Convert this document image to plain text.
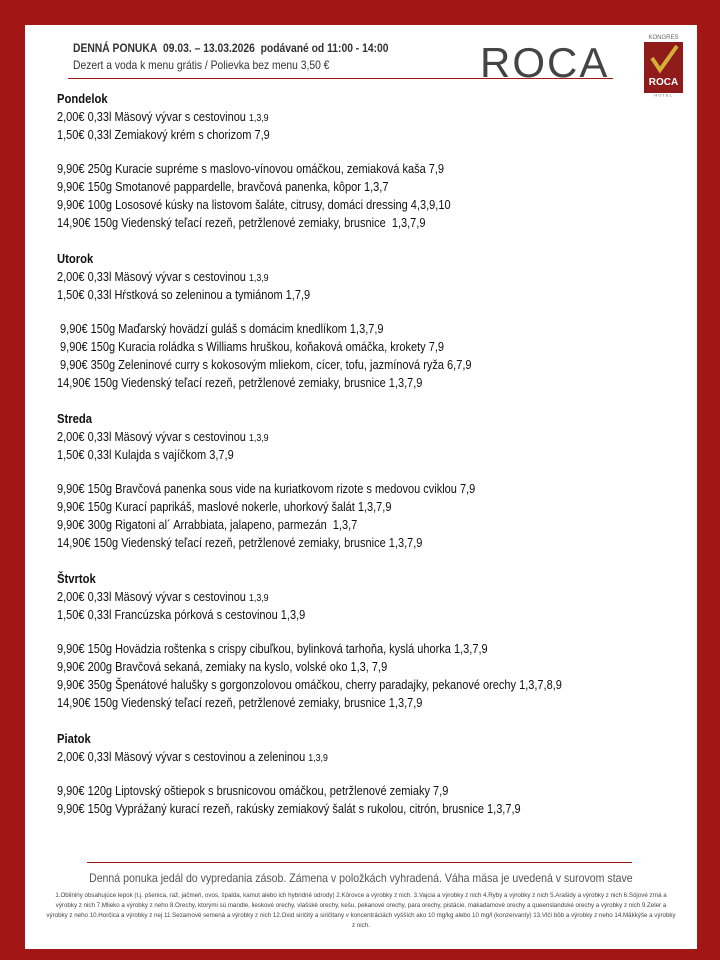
DENNÁ PONUKA 09.03. – 13.03.2026 podávané od 11:00 - 14:00
Dezert a voda k menu grátis / Polievka bez menu 3,50 €	ROCA
KONGRES
ROCA
HOTEL
Pondelok
2,00€ 0,33l Mäsový vývar s cestovinou 1,3,9
1,50€ 0,33l Zemiakový krém s chorizom 7,9
9,90€ 250g Kuracie supréme s maslovo-vínovou omáčkou, zemiaková kaša 7,9
9,90€ 150g Smotanové pappardelle, bravčová panenka, kôpor 1,3,7
9,90€ 100g Lososové kúsky na listovom šaláte, citrusy, domáci dressing 4,3,9,10
14,90€ 150g Viedenský teľací rezeň, petržlenové zemiaky, brusnice  1,3,7,9
Utorok
2,00€ 0,33l Mäsový vývar s cestovinou 1,3,9
1,50€ 0,33l Hŕstková so zeleninou a tymiánom 1,7,9
9,90€ 150g Maďarský hovädzí guláš s domácim knedlíkom 1,3,7,9
9,90€ 150g Kuracia roládka s Williams hruškou, koňaková omáčka, krokety 7,9
9,90€ 350g Zeleninové curry s kokosovým mliekom, cícer, tofu, jazmínová ryža 6,7,9
14,90€ 150g Viedenský teľací rezeň, petržlenové zemiaky, brusnice 1,3,7,9
Streda
2,00€ 0,33l Mäsový vývar s cestovinou 1,3,9
1,50€ 0,33l Kulajda s vajíčkom 3,7,9
9,90€ 150g Bravčová panenka sous vide na kuriatkovom rizote s medovou cviklou 7,9
9,90€ 150g Kurací paprikáš, maslové nokerle, uhorkový šalát 1,3,7,9
9,90€ 300g Rigatoni al´ Arrabbiata, jalapeno, parmezán  1,3,7
14,90€ 150g Viedenský teľací rezeň, petržlenové zemiaky, brusnice 1,3,7,9
Štvrtok
2,00€ 0,33l Mäsový vývar s cestovinou 1,3,9
1,50€ 0,33l Francúzska pórková s cestovinou 1,3,9
9,90€ 150g Hovädzia roštenka s crispy cibuľkou, bylinková tarhoňa, kyslá uhorka 1,3,7,9
9,90€ 200g Bravčová sekaná, zemiaky na kyslo, volské oko 1,3, 7,9
9,90€ 350g Špenátové halušky s gorgonzolovou omáčkou, cherry paradajky, pekanové orechy 1,3,7,8,9
14,90€ 150g Viedenský teľací rezeň, petržlenové zemiaky, brusnice 1,3,7,9
Piatok
2,00€ 0,33l Mäsový vývar s cestovinou a zeleninou 1,3,9
9,90€ 120g Liptovský oštiepok s brusnicovou omáčkou, petržlenové zemiaky 7,9
9,90€ 150g Vyprážaný kurací rezeň, rakúsky zemiakový šalát s rukolou, citrón, brusnice 1,3,7,9
Denná ponuka jedál do vypredania zásob. Zámena v položkách vyhradená. Váha mäsa je uvedená v surovom stave
1.Obilniny obsahujúce lepok (t.j. pšenica, raž, jačmeň, ovos, špalda, kamut alebo ich hybridné odrody) 2.Kôrovce a výrobky z nich. 3.Vajcia a výrobky z nich 4.Ryby a výrobky z nich 5.Arašidy a výrobky z nich 6.Sójové zrná a výrobky z nich 7.Mlieko a výrobky z neho 8.Orechy, ktorými sú mandle, lieskové orechy, vlašské orechy, kešu, pekanové orechy, para orechy, pistácie, makadamové orechy a queenslandské orechy a výrobky z nich 9.Zeler a výrobky z neho 10.Horčica a výrobky z nej 11.Sezamové semená a výrobky z nich 12.Oxid siričitý a siričitany v koncentráciách vyšších ako 10 mg/kg alebo 10 mg/l (konzervanty) 13.Vlčí bôb a výrobky z neho 14.Mäkkýše a výrobky z nich.
